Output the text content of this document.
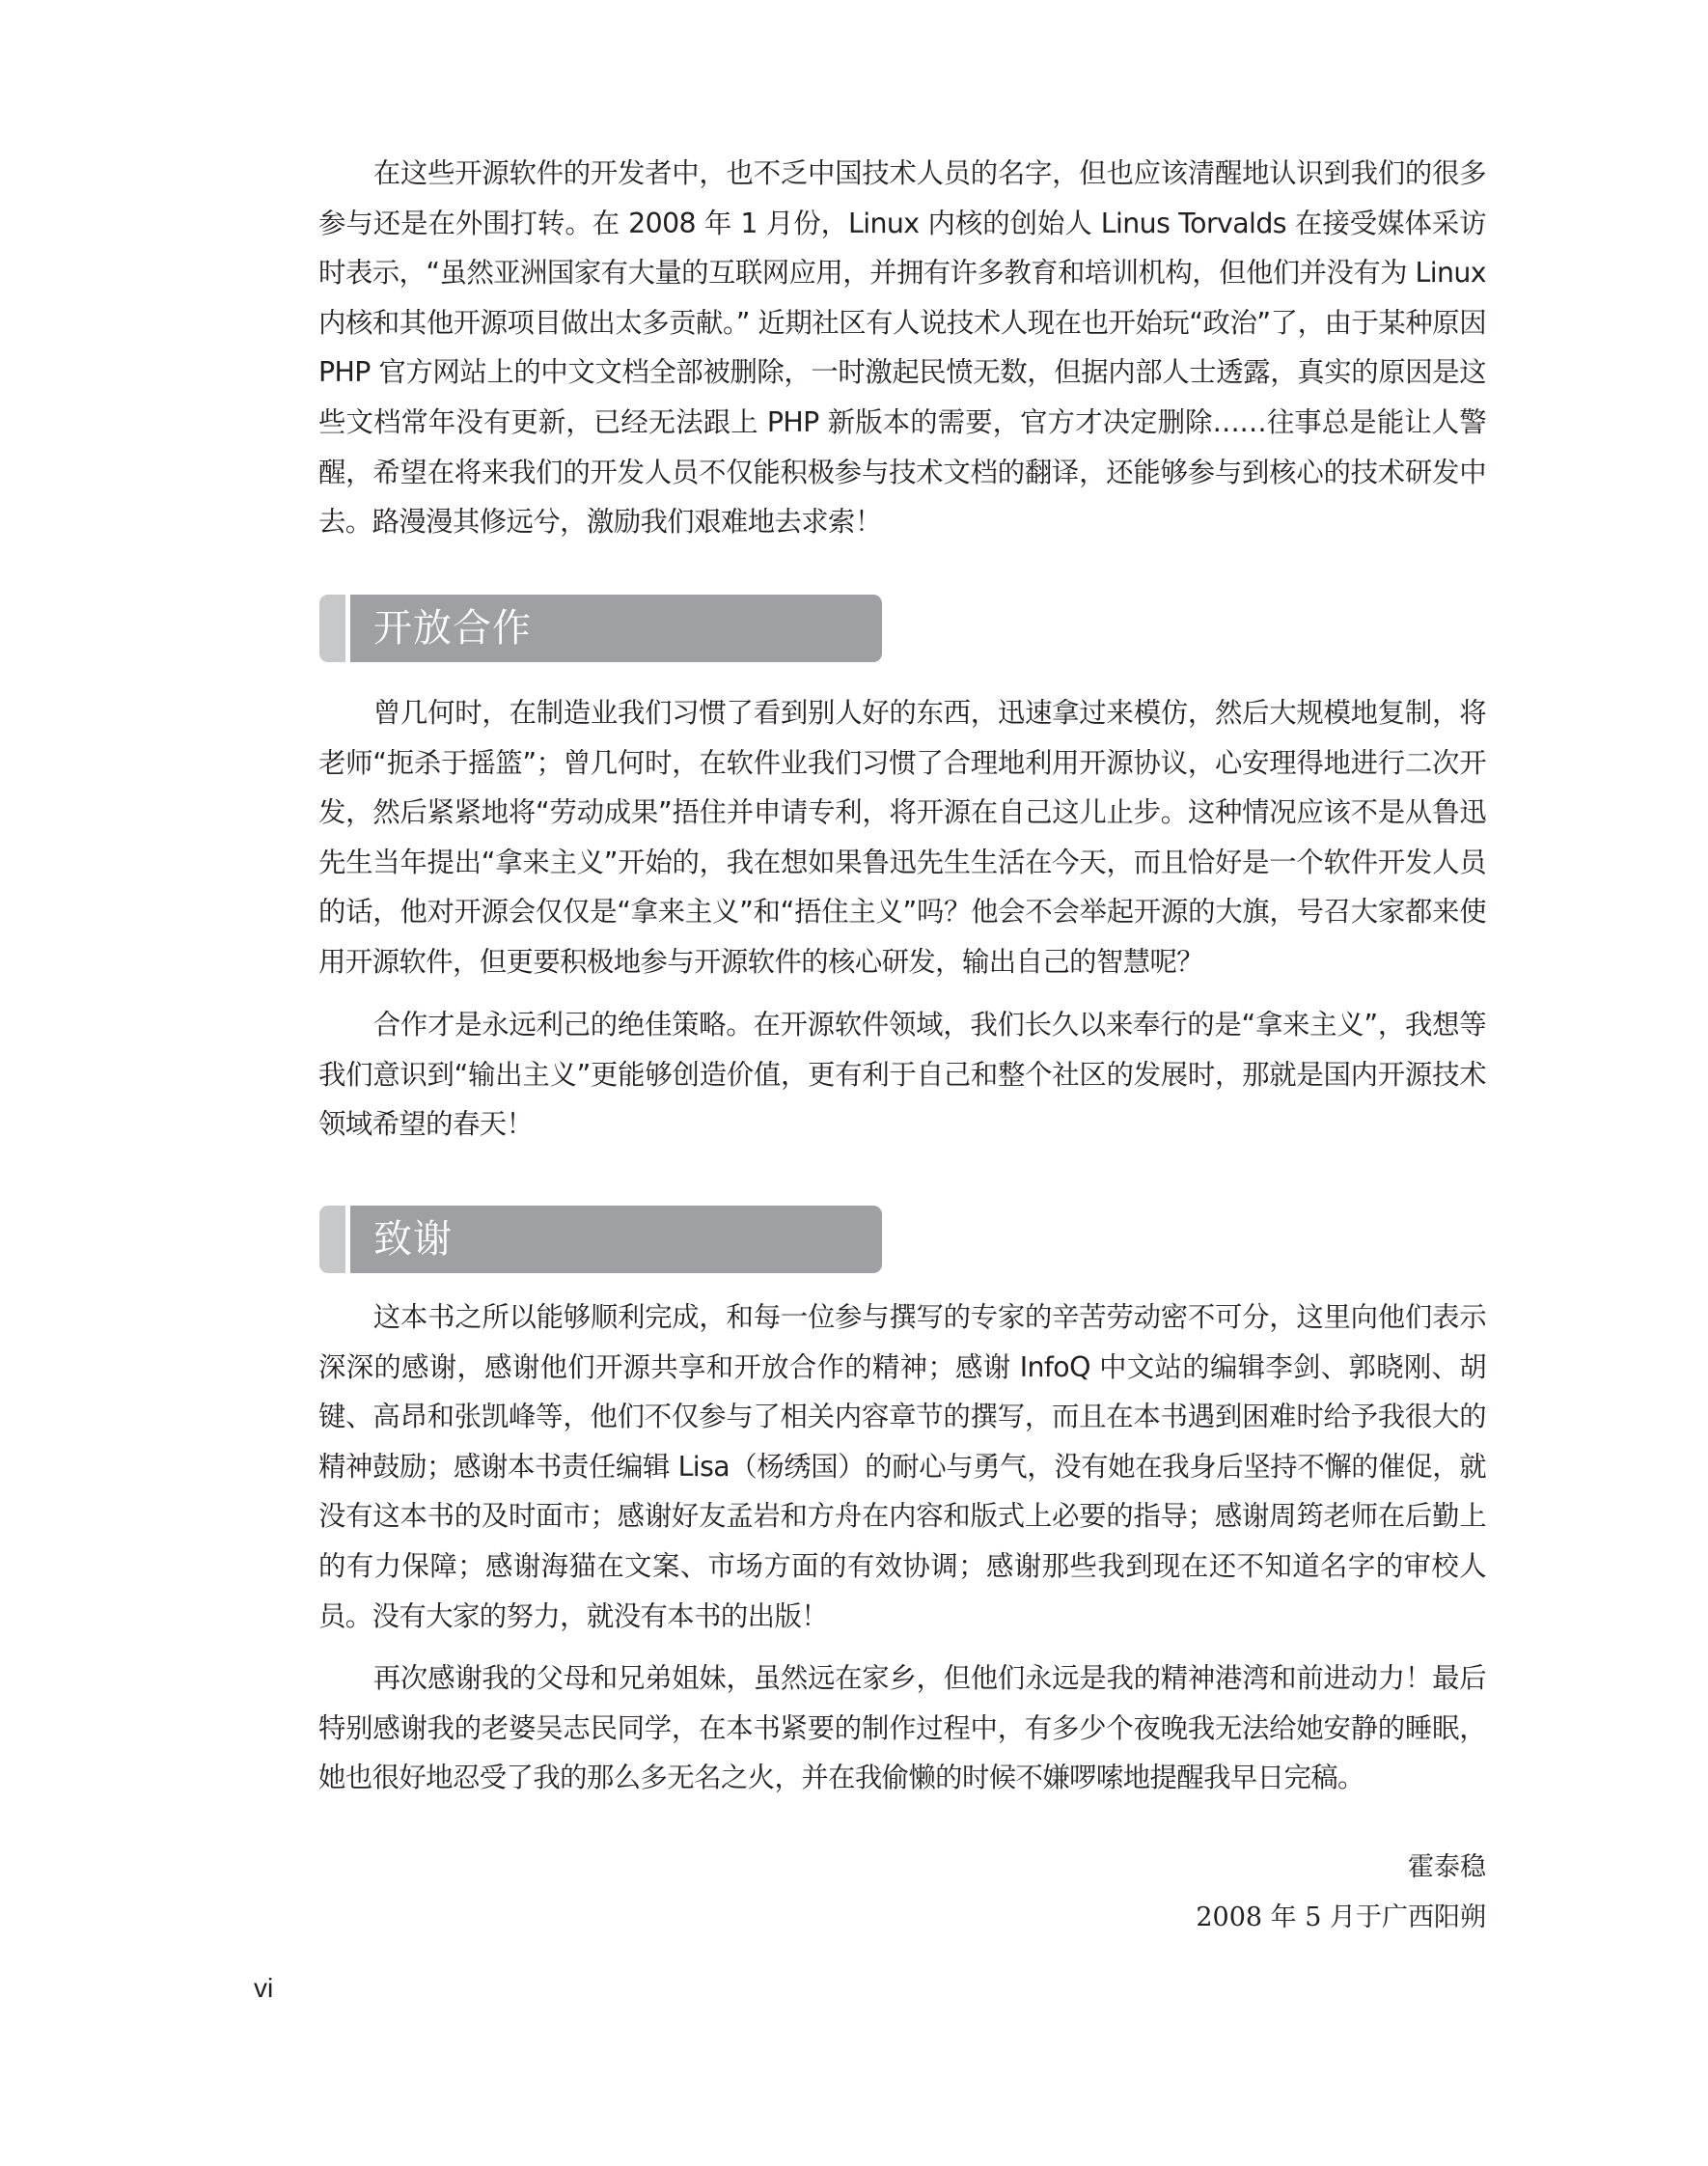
在这些开源软件的开发者中，也不乏中国技术人员的名字，但也应该清醒地认识到我们的很多参与还是在外围打转。在 2008 年 1 月份，Linux 内核的创始人 Linus Torvalds 在接受媒体采访时表示，“虽然亚洲国家有大量的互联网应用，并拥有许多教育和培训机构，但他们并没有为 Linux 内核和其他开源项目做出太多贡献。” 近期社区有人说技术人现在也开始玩“政治”了，由于某种原因 PHP 官方网站上的中文文档全部被删除，一时激起民愤无数，但据内部人士透露，真实的原因是这些文档常年没有更新，已经无法跟上 PHP 新版本的需要，官方才决定删除……往事总是能让人警醒，希望在将来我们的开发人员不仅能积极参与技术文档的翻译，还能够参与到核心的技术研发中去。路漫漫其修远兮，激励我们艰难地去求索！

开放合作

曾几何时，在制造业我们习惯了看到别人好的东西，迅速拿过来模仿，然后大规模地复制，将老师“扼杀于摇篮”；曾几何时，在软件业我们习惯了合理地利用开源协议，心安理得地进行二次开发，然后紧紧地将“劳动成果”捂住并申请专利，将开源在自己这儿止步。这种情况应该不是从鲁迅先生当年提出“拿来主义”开始的，我在想如果鲁迅先生生活在今天，而且恰好是一个软件开发人员的话，他对开源会仅仅是“拿来主义”和“捂住主义”吗？他会不会举起开源的大旗，号召大家都来使用开源软件，但更要积极地参与开源软件的核心研发，输出自己的智慧呢？

合作才是永远利己的绝佳策略。在开源软件领域，我们长久以来奉行的是“拿来主义”，我想等我们意识到“输出主义”更能够创造价值，更有利于自己和整个社区的发展时，那就是国内开源技术领域希望的春天！

致谢

这本书之所以能够顺利完成，和每一位参与撰写的专家的辛苦劳动密不可分，这里向他们表示深深的感谢，感谢他们开源共享和开放合作的精神；感谢 InfoQ 中文站的编辑李剑、郭晓刚、胡键、高昂和张凯峰等，他们不仅参与了相关内容章节的撰写，而且在本书遇到困难时给予我很大的精神鼓励；感谢本书责任编辑 Lisa（杨绣国）的耐心与勇气，没有她在我身后坚持不懈的催促，就没有这本书的及时面市；感谢好友孟岩和方舟在内容和版式上必要的指导；感谢周筠老师在后勤上的有力保障；感谢海猫在文案、市场方面的有效协调；感谢那些我到现在还不知道名字的审校人员。没有大家的努力，就没有本书的出版！

再次感谢我的父母和兄弟姐妹，虽然远在家乡，但他们永远是我的精神港湾和前进动力！最后特别感谢我的老婆吴志民同学，在本书紧要的制作过程中，有多少个夜晚我无法给她安静的睡眠，她也很好地忍受了我的那么多无名之火，并在我偷懒的时候不嫌啰嗦地提醒我早日完稿。

霍泰稳
2008 年 5 月于广西阳朔
vi
